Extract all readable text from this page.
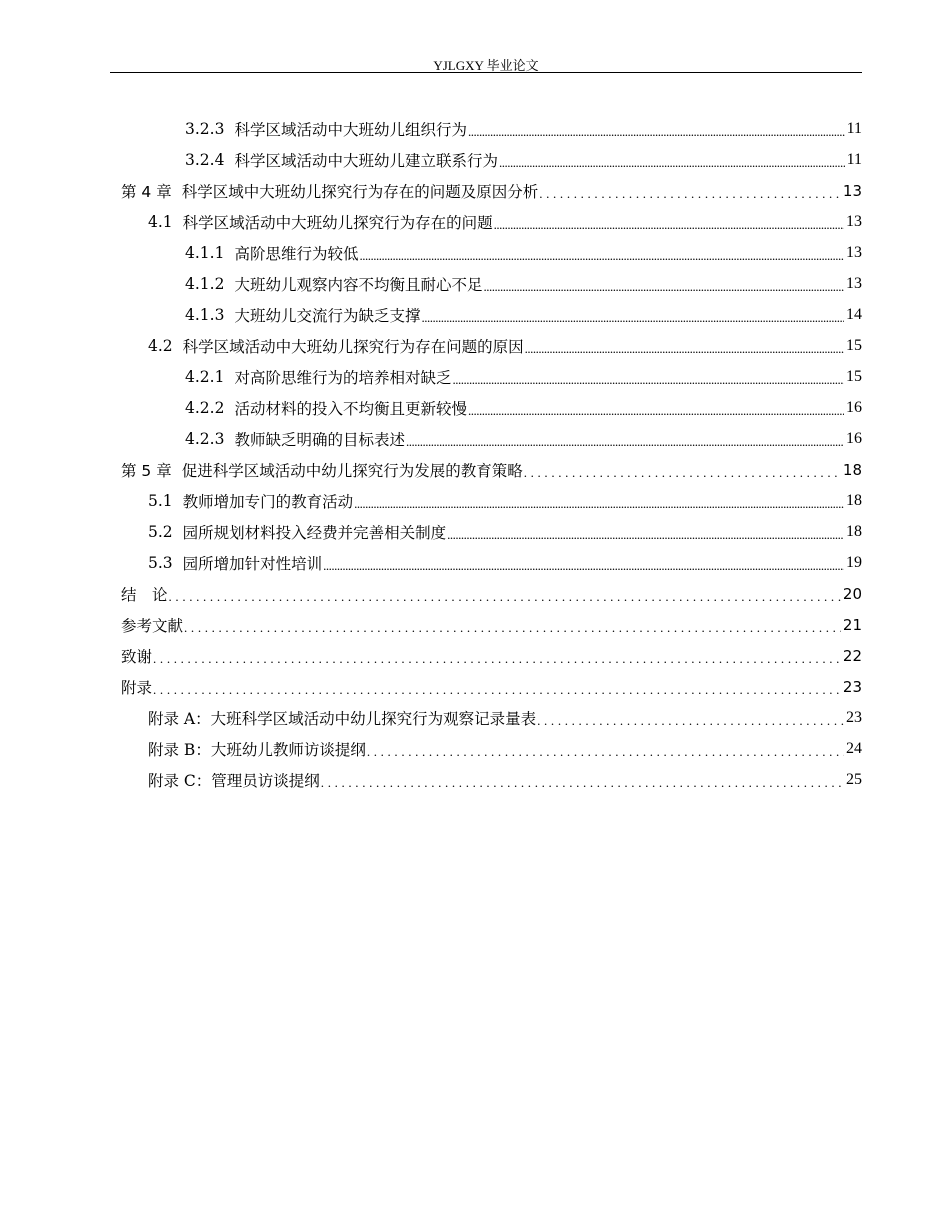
YJLGXY 毕业论文
3.2.3 科学区域活动中大班幼儿组织行为 .....	11
3.2.4 科学区域活动中大班幼儿建立联系行为 .....	11
第 4 章 科学区域中大班幼儿探究行为存在的问题及原因分析 . . .	13
4.1 科学区域活动中大班幼儿探究行为存在的问题 .....	13
4.1.1 高阶思维行为较低 .....	13
4.1.2 大班幼儿观察内容不均衡且耐心不足 .....	13
4.1.3 大班幼儿交流行为缺乏支撑 .....	14
4.2 科学区域活动中大班幼儿探究行为存在问题的原因 .....	15
4.2.1 对高阶思维行为的培养相对缺乏 .....	15
4.2.2 活动材料的投入不均衡且更新较慢 .....	16
4.2.3 教师缺乏明确的目标表述 .....	16
第 5 章 促进科学区域活动中幼儿探究行为发展的教育策略 . . .	18
5.1 教师增加专门的教育活动 .....	18
5.2 园所规划材料投入经费并完善相关制度 .....	18
5.3 园所增加针对性培训 .....	19
结　论 . . .	20
参考文献 . . .	21
致谢 . . .	22
附录 . . .	23
附录 A：大班科学区域活动中幼儿探究行为观察记录量表 . . .	23
附录 B：大班幼儿教师访谈提纲 . . .	24
附录 C：管理员访谈提纲 . . .	25
